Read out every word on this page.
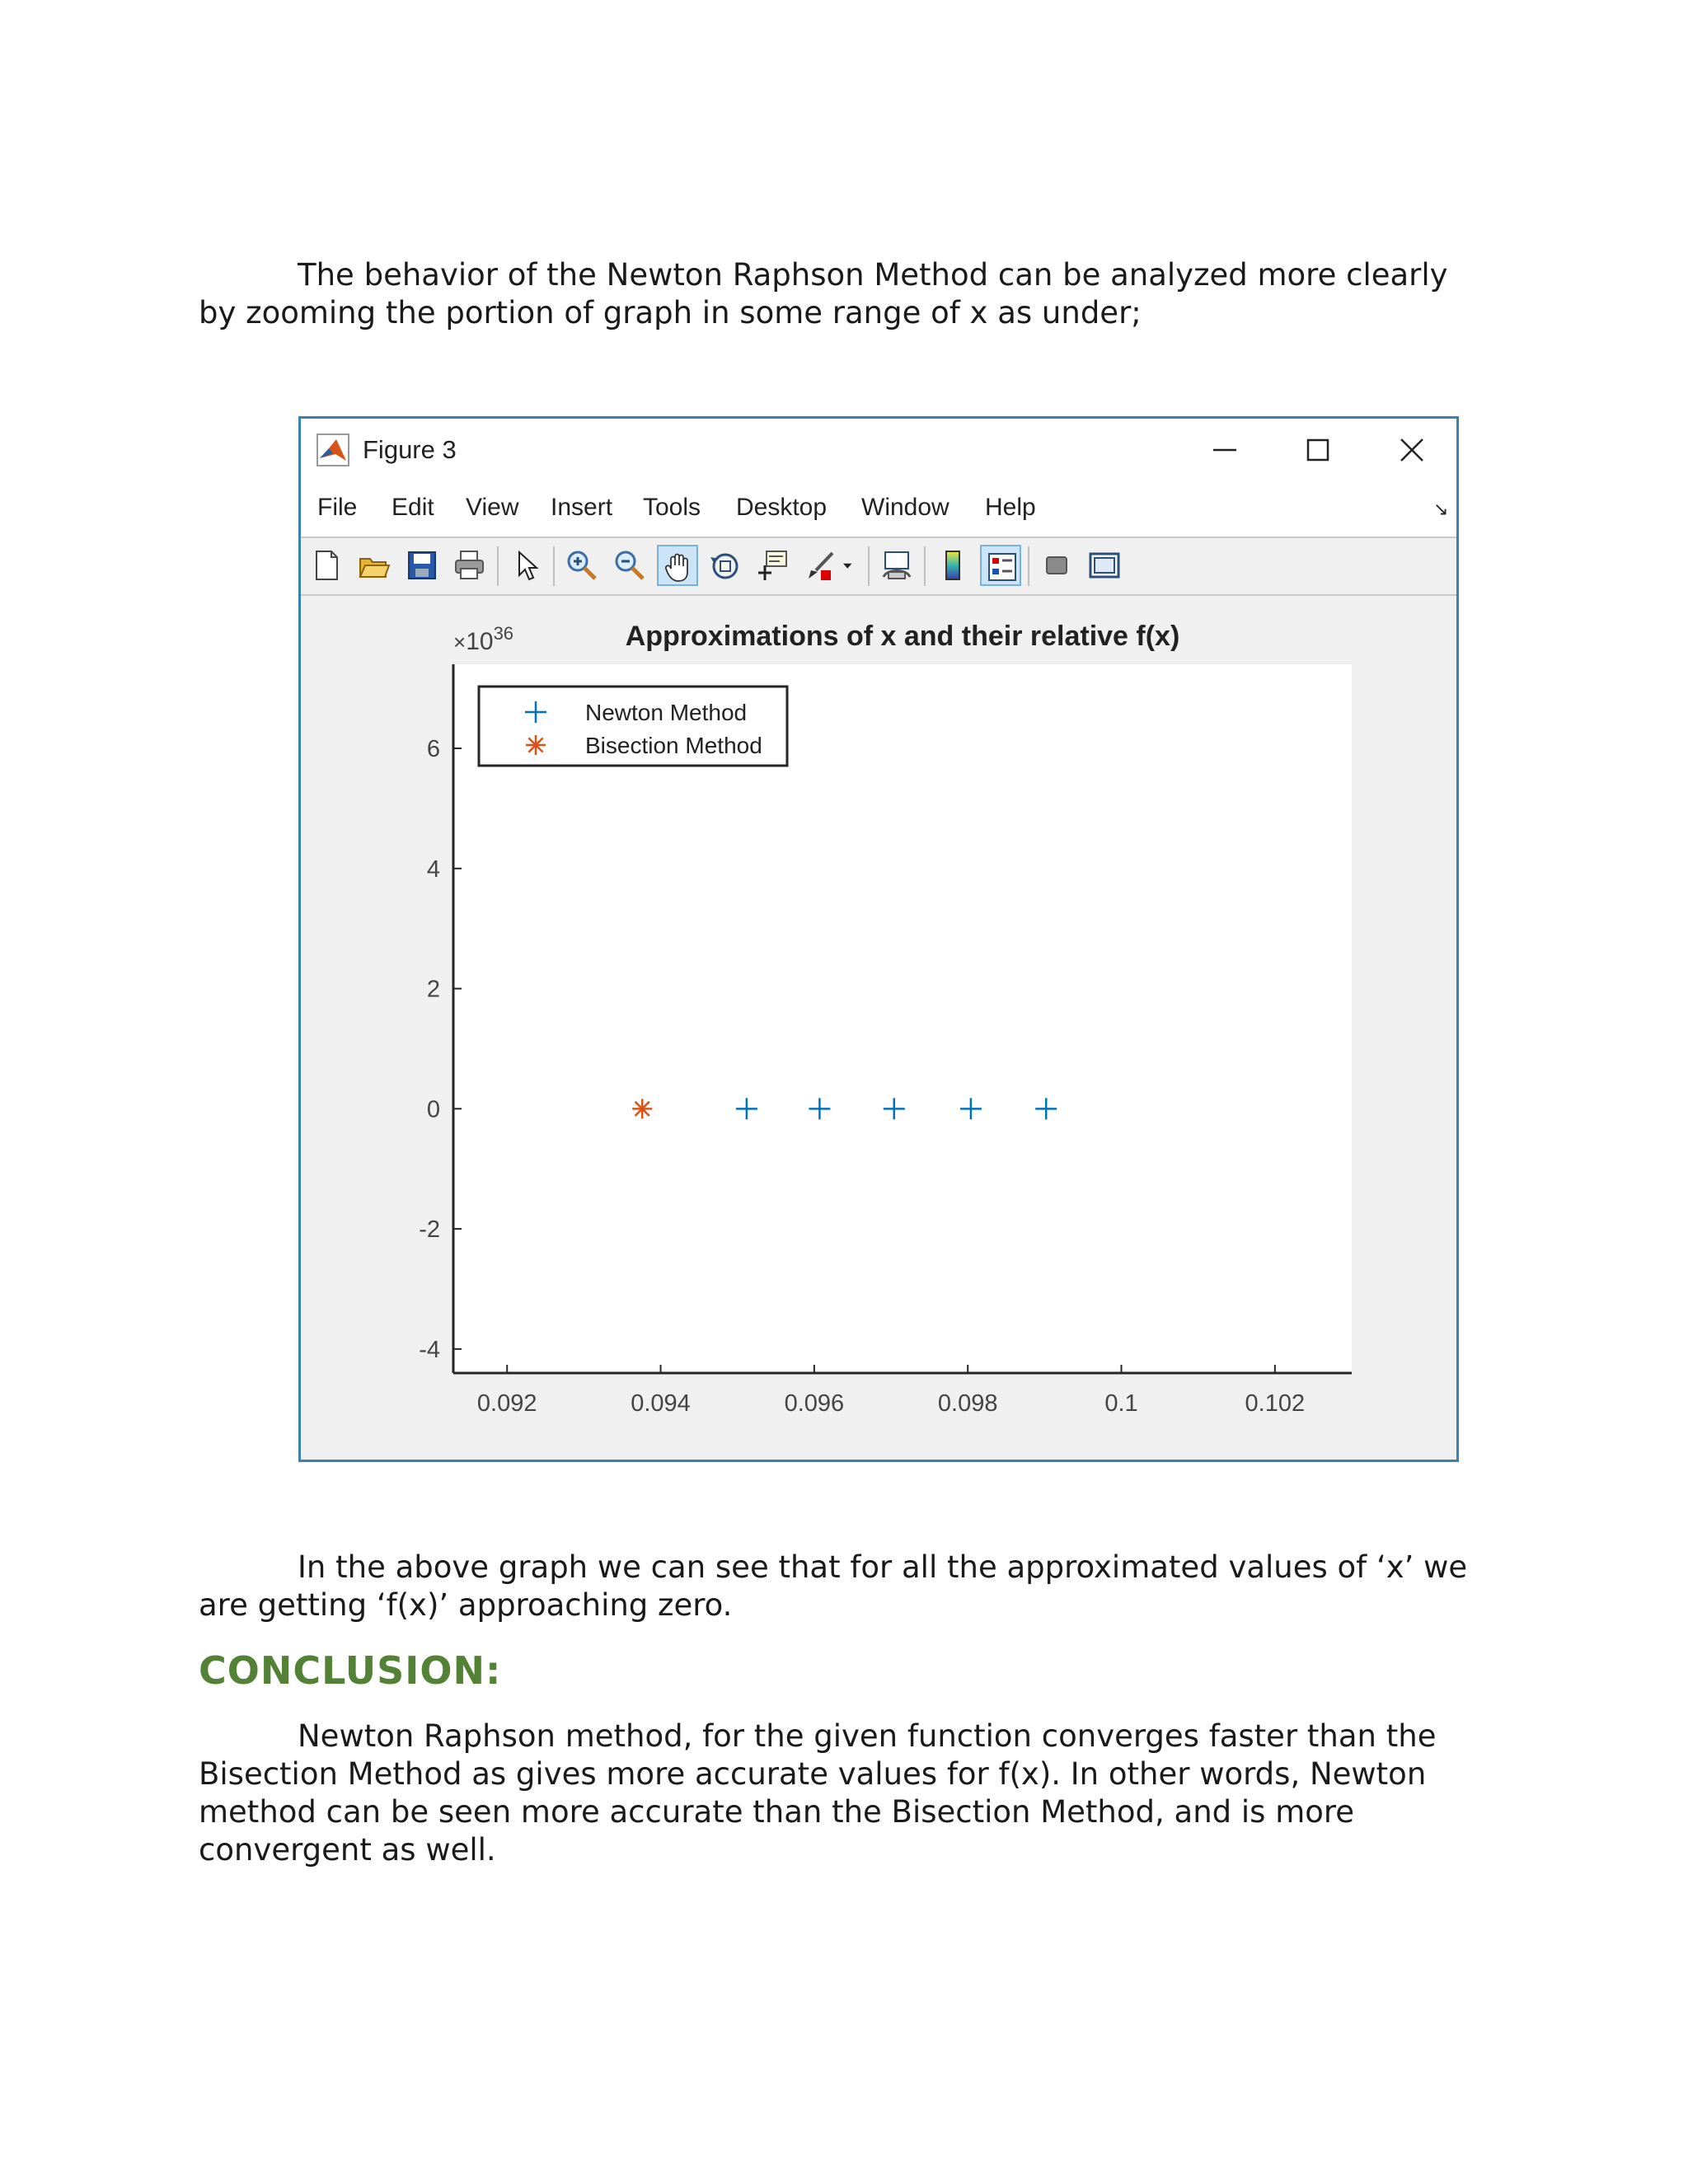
The behavior of the Newton Raphson Method can be analyzed more clearly by zooming the portion of graph in some range of x as under;

Figure 3
File Edit View Insert Tools Desktop Window Help	↘
-4
-2
0
2
4
6
0.092	0.094	0.096	0.098	0.1	0.102
$\times 10^{36}$	Approximations of x and their relative f(x)
Newton Method
Bisection Method

In the above graph we can see that for all the approximated values of ‘x’ we are getting ‘f(x)’ approaching zero.

CONCLUSION:

Newton Raphson method, for the given function converges faster than the Bisection Method as gives more accurate values for f(x). In other words, Newton method can be seen more accurate than the Bisection Method, and is more convergent as well.
